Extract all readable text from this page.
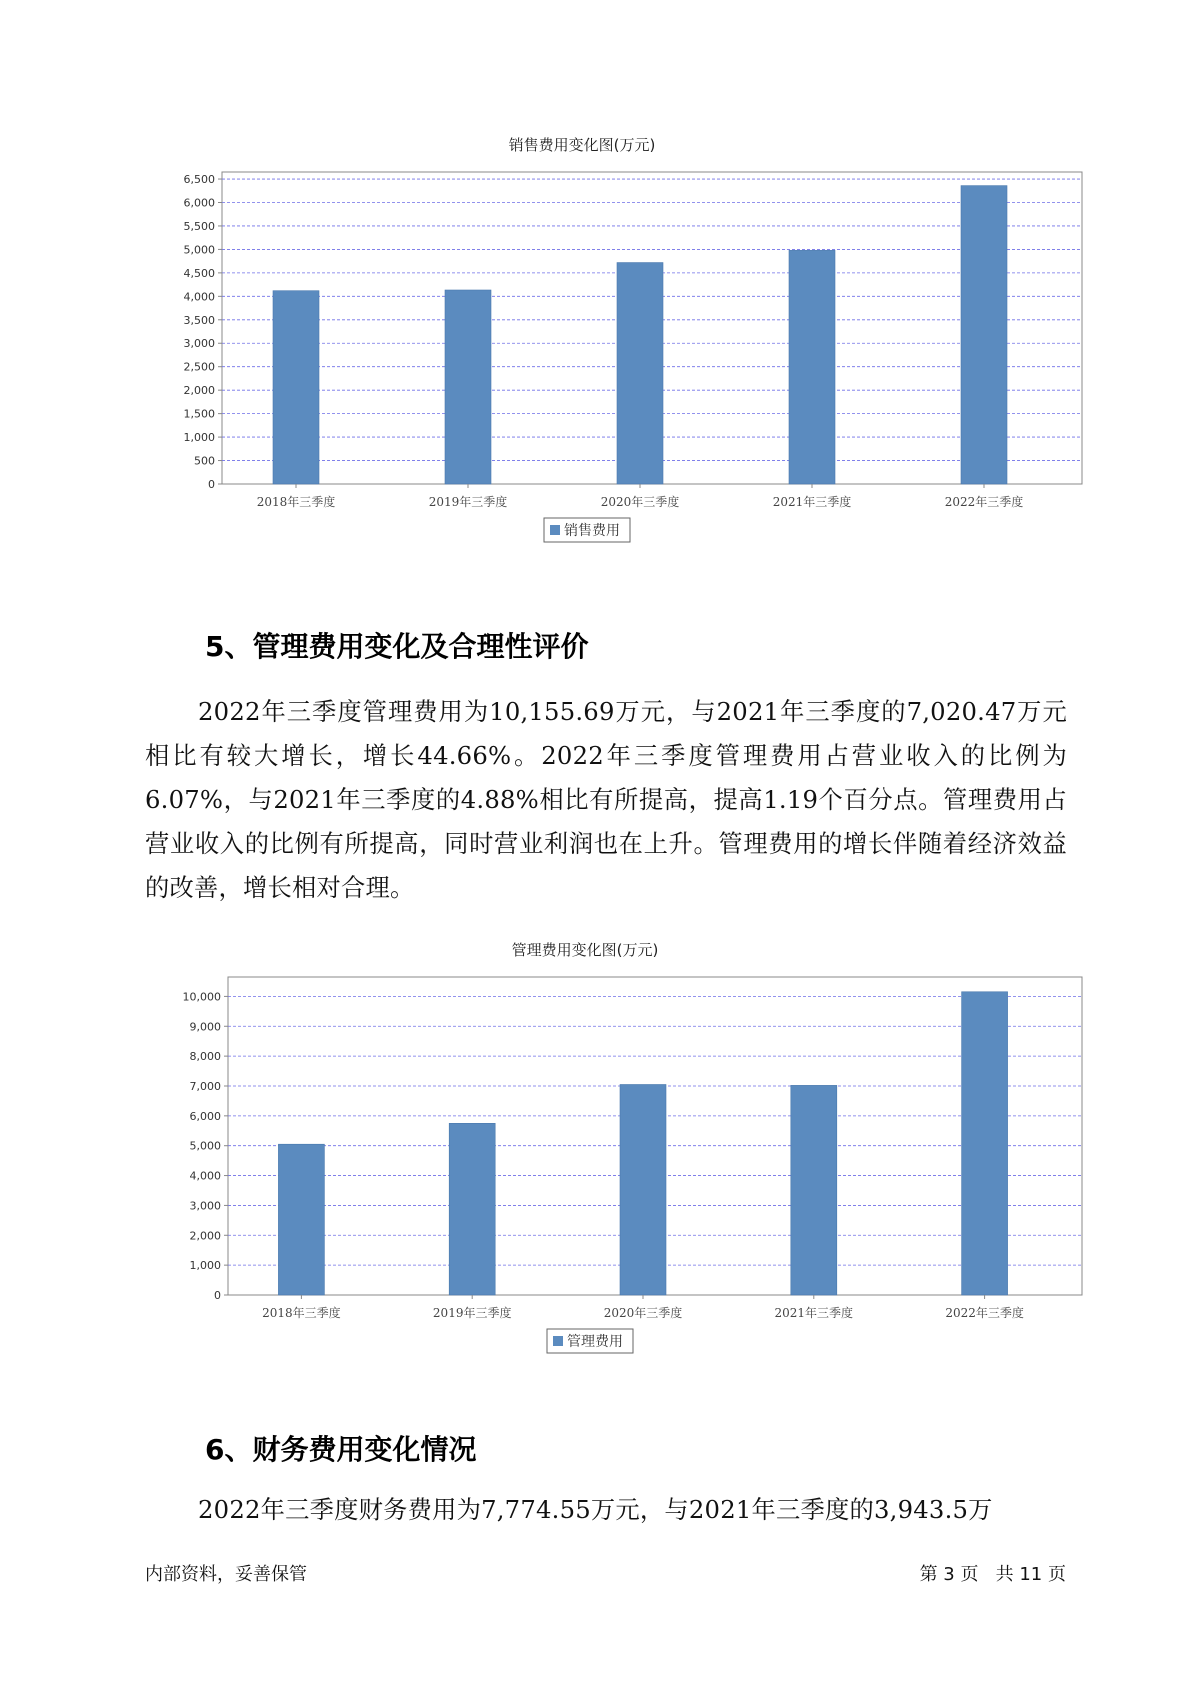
销售费用变化图(万元)
0
500
1,000
1,500
2,000
2,500
3,000
3,500
4,000
4,500
5,000
5,500
6,000
6,500
2018年三季度	2019年三季度	2020年三季度	2021年三季度	2022年三季度
销售费用
5、管理费用变化及合理性评价

2022年三季度管理费用为10,155.69万元，与2021年三季度的7,020.47万元相比有较大增长，增长44.66%。2022年三季度管理费用占营业收入的比例为6.07%，与2021年三季度的4.88%相比有所提高，提高1.19个百分点。管理费用占营业收入的比例有所提高，同时营业利润也在上升。管理费用的增长伴随着经济效益的改善，增长相对合理。

管理费用变化图(万元)
0
1,000
2,000
3,000
4,000
5,000
6,000
7,000
8,000
9,000
10,000
2018年三季度	2019年三季度	2020年三季度	2021年三季度	2022年三季度
管理费用
6、财务费用变化情况

2022年三季度财务费用为7,774.55万元，与2021年三季度的3,943.5万

内部资料，妥善保管	第 3 页   共 11 页
